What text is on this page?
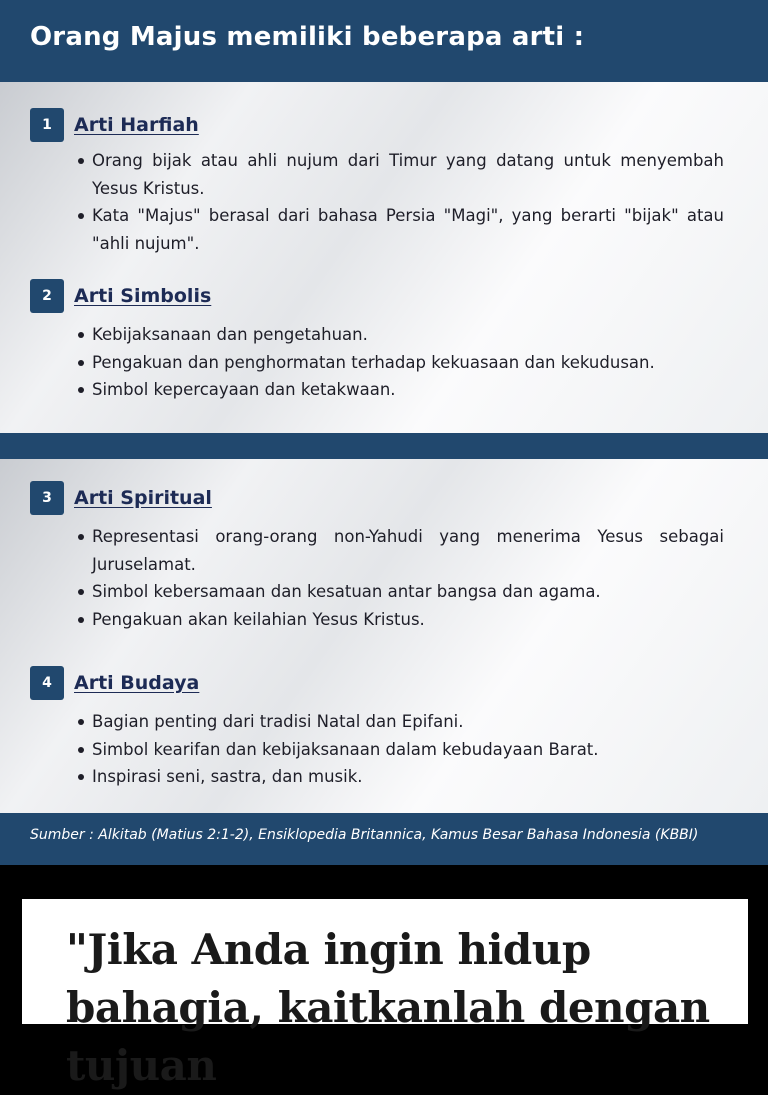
Orang Majus memiliki beberapa arti :
1	Arti Harfiah
Orang bijak atau ahli nujum dari Timur yang datang untuk menyembah Yesus Kristus.
Kata "Majus" berasal dari bahasa Persia "Magi", yang berarti "bijak" atau "ahli nujum".
2	Arti Simbolis
Kebijaksanaan dan pengetahuan.
Pengakuan dan penghormatan terhadap kekuasaan dan kekudusan.
Simbol kepercayaan dan ketakwaan.
3	Arti Spiritual
Representasi orang-orang non-Yahudi yang menerima Yesus sebagai Juruselamat.
Simbol kebersamaan dan kesatuan antar bangsa dan agama.
Pengakuan akan keilahian Yesus Kristus.
4	Arti Budaya
Bagian penting dari tradisi Natal dan Epifani.
Simbol kearifan dan kebijaksanaan dalam kebudayaan Barat.
Inspirasi seni, sastra, dan musik.
Sumber : Alkitab (Matius 2:1-2), Ensiklopedia Britannica, Kamus Besar Bahasa Indonesia (KBBI)

"Jika Anda ingin hidup bahagia, kaitkanlah dengan tujuan
